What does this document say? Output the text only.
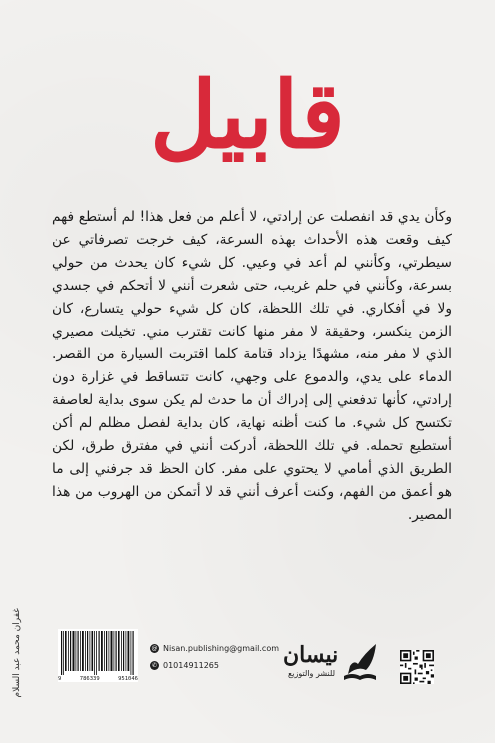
قابيل
وكأن يدي قد انفصلت عن إرادتي، لا أعلم من فعل هذا! لم أستطع فهم كيف وقعت هذه الأحداث بهذه السرعة، كيف خرجت تصرفاتي عن سيطرتي، وكأنني لم أعد في وعيي. كل شيء كان يحدث من حولي بسرعة، وكأنني في حلم غريب، حتى شعرت أنني لا أتحكم في جسدي ولا في أفكاري. في تلك اللحظة، كان كل شيء حولي يتسارع، كان الزمن ينكسر، وحقيقة لا مفر منها كانت تقترب مني. تخيلت مصيري الذي لا مفر منه، مشهدًا يزداد قتامة كلما اقتربت السيارة من القصر. الدماء على يدي، والدموع على وجهي، كانت تتساقط في غزارة دون إرادتي، كأنها تدفعني إلى إدراك أن ما حدث لم يكن سوى بداية لعاصفة تكتسح كل شيء. ما كنت أظنه نهاية، كان بداية لفصل مظلم لم أكن أستطيع تحمله. في تلك اللحظة، أدركت أنني في مفترق طرق، لكن الطريق الذي أمامي لا يحتوي على مفر. كان الحظ قد جرفني إلى ما هو أعمق من الفهم، وكنت أعرف أنني قد لا أتمكن من الهروب من هذا المصير.
غفران محمد عبد السلام	9	786339	951046
@ Nisan.publishing@gmail.com
✆ 01014911265	نيسان
للنشر والتوزيع
